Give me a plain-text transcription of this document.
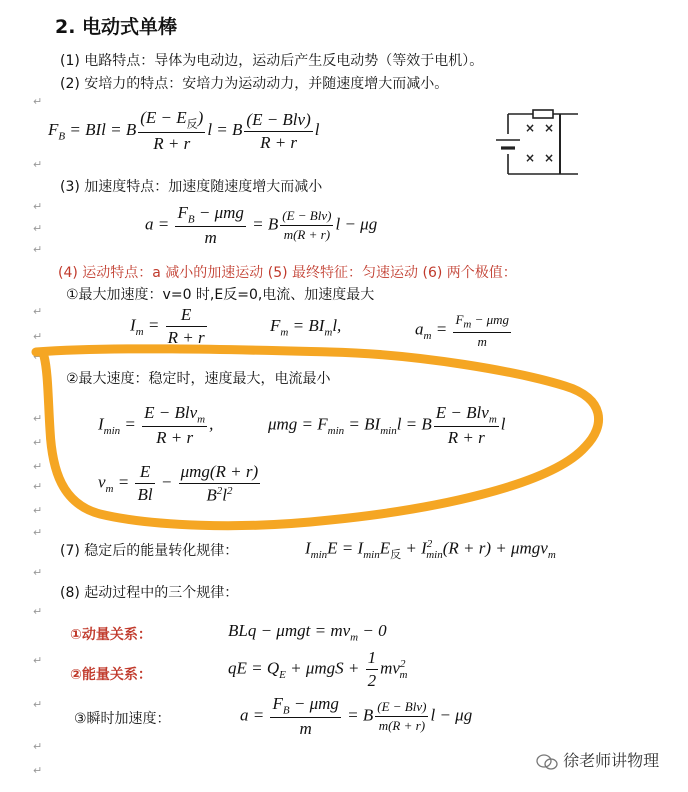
↵
↵
↵
↵
↵
↵
↵
↵
↵
↵
↵
↵
↵
↵
↵
↵
↵
↵
↵
↵
2. 电动式单棒
(1) 电路特点：导体为电动边，运动后产生反电动势（等效于电机）。
(2) 安培力的特点：安培力为运动动力，并随速度增大而减小。
× ×
× ×
$F_B$ = BIl = B $\frac{(E - E_反)}{R + r}$ l = B $\frac{\text{(E − Blv)}}{R + r}$ l
(3) 加速度特点：加速度随速度增大而减小
$a = \frac{F_B - \mu mg}{m} = B \frac{\text{(E − Blv)}}{m(R + r)}$ l − μg
(4) 运动特点：a 减小的加速运动 (5) 最终特征：匀速运动 (6) 两个极值：
①最大加速度：v=0 时,E反=0,电流、加速度最大
$I_m = \frac{E}{R + r}$	$F_m = BI_ml$,	$a_m = \frac{F_m - \mu mg}{m}$
②最大速度：稳定时，速度最大，电流最小
$I_{min} = \frac{E - Blv_m}{R + r}$ ,	$\mu mg = F_{min} = BI_{min}l = B \frac{E - Blv_m}{R + r}$ l
$v_m = \frac{E}{Bl} - \frac{\text{μmg(R + r)}}{B^2l^2}$
(7) 稳定后的能量转化规律：	$I_{min}E = I_{min}E_反 + I^2_{min}(R + r) + \mu mgv_m$
(8) 起动过程中的三个规律：
①动量关系：	BLq − $\mu mgt = mv_m - 0$
②能量关系：	qE = $Q_E + \mu mgS + \frac{1}{2} mv^2_m$
③瞬时加速度：	$a = \frac{F_B - \mu mg}{m} = B \frac{\text{(E − Blv)}}{m(R + r)}$ l − μg
徐老师讲物理
